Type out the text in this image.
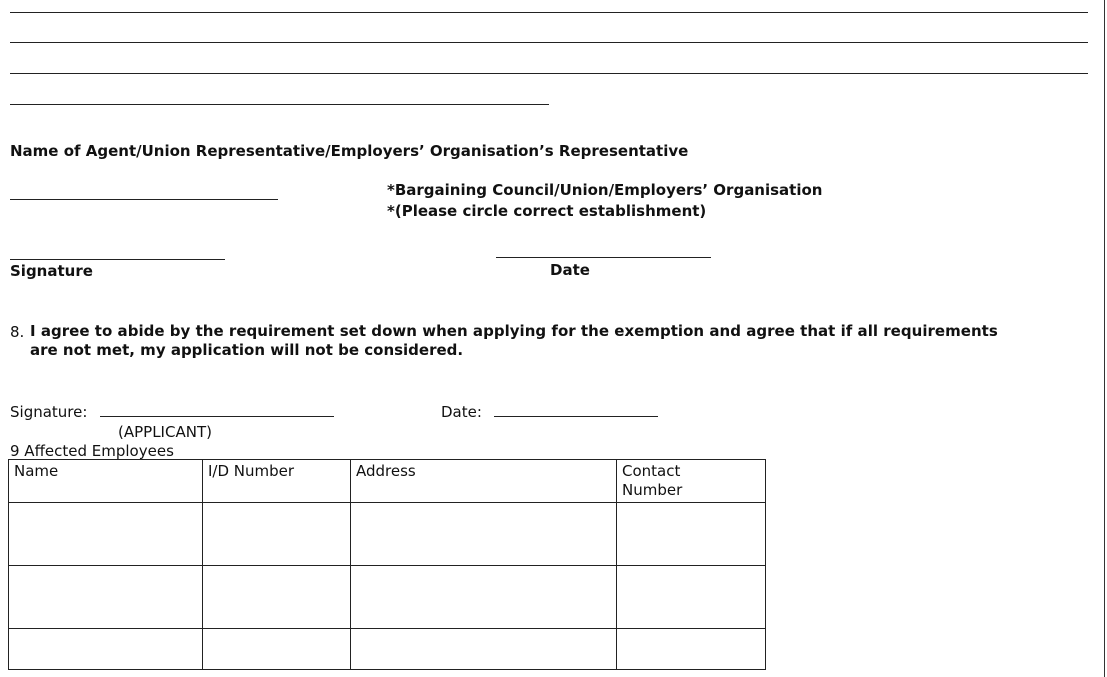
Name of Agent/Union Representative/Employers’ Organisation’s Representative
*Bargaining Council/Union/Employers’ Organisation
*(Please circle correct establishment)
Signature	Date
8. I agree to abide by the requirement set down when applying for the exemption and agree that if all requirements
are not met, my application will not be considered.
Signature:
(APPLICANT)
Date:
9 Affected Employees
Name	I/D Number	Address	Contact Number
